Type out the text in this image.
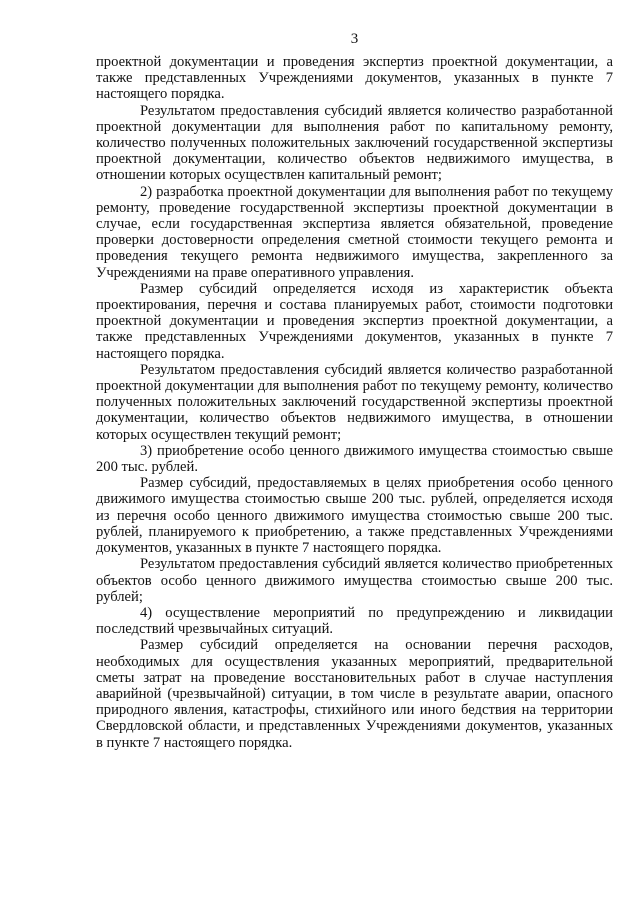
3

проектной документации и проведения экспертиз проектной документации, а также представленных Учреждениями документов, указанных в пункте 7 настоящего порядка.

Результатом предоставления субсидий является количество разработанной проектной документации для выполнения работ по капитальному ремонту, количество полученных положительных заключений государственной экспертизы проектной документации, количество объектов недвижимого имущества, в отношении которых осуществлен капитальный ремонт;

2) разработка проектной документации для выполнения работ по текущему ремонту, проведение государственной экспертизы проектной документации в случае, если государственная экспертиза является обязательной, проведение проверки достоверности определения сметной стоимости текущего ремонта и проведения текущего ремонта недвижимого имущества, закрепленного за Учреждениями на праве оперативного управления.

Размер субсидий определяется исходя из характеристик объекта проектирования, перечня и состава планируемых работ, стоимости подготовки проектной документации и проведения экспертиз проектной документации, а также представленных Учреждениями документов, указанных в пункте 7 настоящего порядка.

Результатом предоставления субсидий является количество разработанной проектной документации для выполнения работ по текущему ремонту, количество полученных положительных заключений государственной экспертизы проектной документации, количество объектов недвижимого имущества, в отношении которых осуществлен текущий ремонт;

3) приобретение особо ценного движимого имущества стоимостью свыше 200 тыс. рублей.

Размер субсидий, предоставляемых в целях приобретения особо ценного движимого имущества стоимостью свыше 200 тыс. рублей, определяется исходя из перечня особо ценного движимого имущества стоимостью свыше 200 тыс. рублей, планируемого к приобретению, а также представленных Учреждениями документов, указанных в пункте 7 настоящего порядка.

Результатом предоставления субсидий является количество приобретенных объектов особо ценного движимого имущества стоимостью свыше 200 тыс. рублей;

4) осуществление мероприятий по предупреждению и ликвидации последствий чрезвычайных ситуаций.

Размер субсидий определяется на основании перечня расходов, необходимых для осуществления указанных мероприятий, предварительной сметы затрат на проведение восстановительных работ в случае наступления аварийной (чрезвычайной) ситуации, в том числе в результате аварии, опасного природного явления, катастрофы, стихийного или иного бедствия на территории Свердловской области, и представленных Учреждениями документов, указанных в пункте 7 настоящего порядка.
